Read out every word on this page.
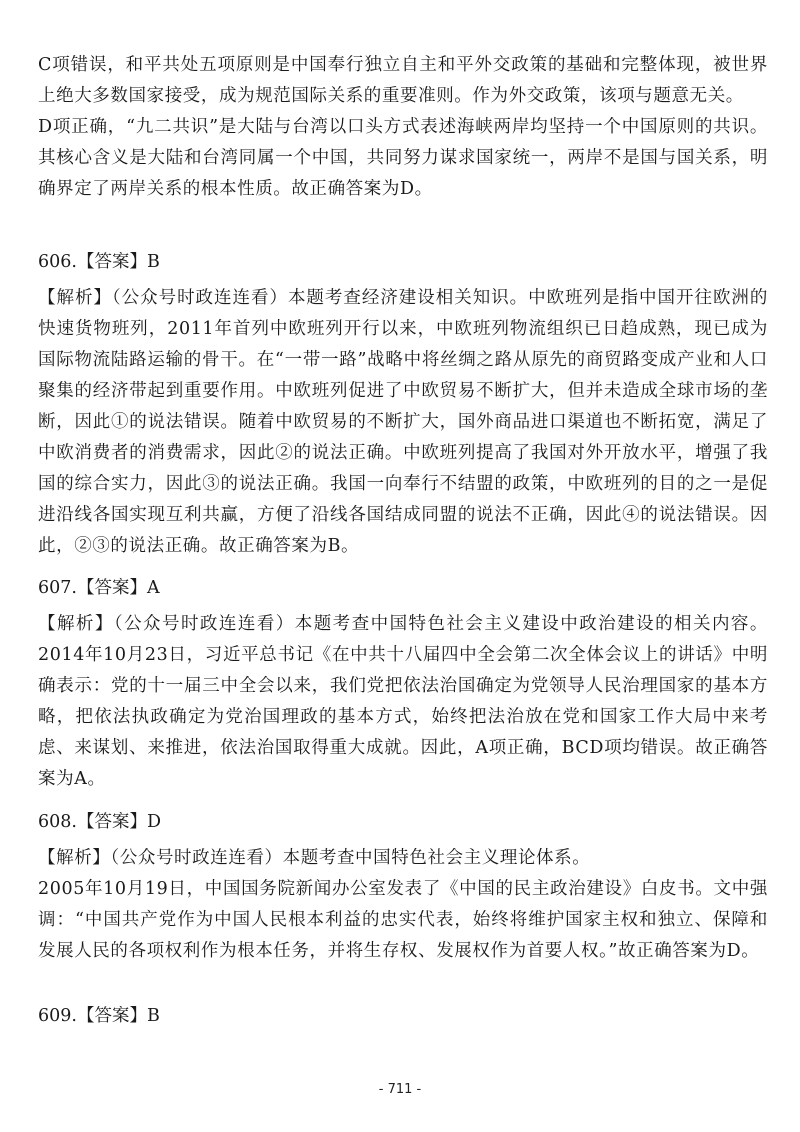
C项错误，和平共处五项原则是中国奉行独立自主和平外交政策的基础和完整体现，被世界上绝大多数国家接受，成为规范国际关系的重要准则。作为外交政策，该项与题意无关。

D项正确，“九二共识”是大陆与台湾以口头方式表述海峡两岸均坚持一个中国原则的共识。其核心含义是大陆和台湾同属一个中国，共同努力谋求国家统一，两岸不是国与国关系，明确界定了两岸关系的根本性质。故正确答案为D。

606.【答案】B

【解析】（公众号时政连连看）本题考查经济建设相关知识。中欧班列是指中国开往欧洲的快速货物班列，2011年首列中欧班列开行以来，中欧班列物流组织已日趋成熟，现已成为国际物流陆路运输的骨干。在“一带一路”战略中将丝绸之路从原先的商贸路变成产业和人口聚集的经济带起到重要作用。中欧班列促进了中欧贸易不断扩大，但并未造成全球市场的垄断，因此①的说法错误。随着中欧贸易的不断扩大，国外商品进口渠道也不断拓宽，满足了中欧消费者的消费需求，因此②的说法正确。中欧班列提高了我国对外开放水平，增强了我国的综合实力，因此③的说法正确。我国一向奉行不结盟的政策，中欧班列的目的之一是促进沿线各国实现互利共赢，方便了沿线各国结成同盟的说法不正确，因此④的说法错误。因此，②③的说法正确。故正确答案为B。

607.【答案】A

【解析】（公众号时政连连看）本题考查中国特色社会主义建设中政治建设的相关内容。2014年10月23日，习近平总书记《在中共十八届四中全会第二次全体会议上的讲话》中明确表示：党的十一届三中全会以来，我们党把依法治国确定为党领导人民治理国家的基本方略，把依法执政确定为党治国理政的基本方式，始终把法治放在党和国家工作大局中来考虑、来谋划、来推进，依法治国取得重大成就。因此，A项正确，BCD项均错误。故正确答案为A。

608.【答案】D

【解析】（公众号时政连连看）本题考查中国特色社会主义理论体系。

2005年10月19日，中国国务院新闻办公室发表了《中国的民主政治建设》白皮书。文中强调：“中国共产党作为中国人民根本利益的忠实代表，始终将维护国家主权和独立、保障和发展人民的各项权利作为根本任务，并将生存权、发展权作为首要人权。”故正确答案为D。

609.【答案】B

- 711 -
